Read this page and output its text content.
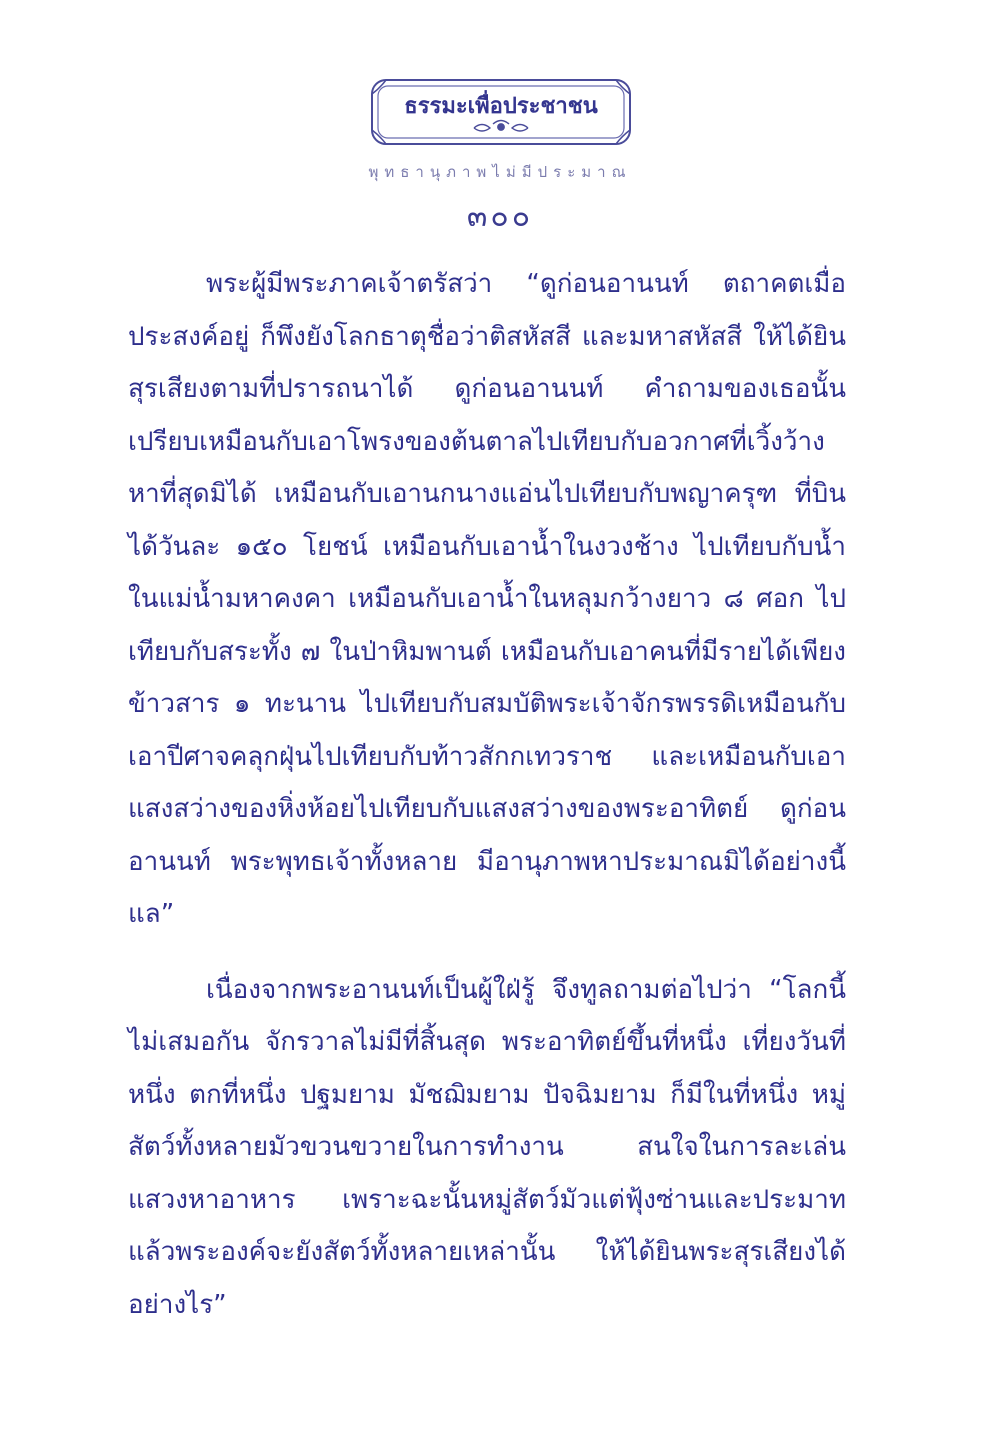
ธรรมะเพื่อประชาชน
พุทธานุภาพไม่มีประมาณ
๓๐๐

พระผู้มีพระภาคเจ้าตรัสว่า “ดูก่อนอานนท์ ตถาคตเมื่อประสงค์อยู่ ก็พึงยังโลกธาตุชื่อว่าติสหัสสี และมหาสหัสสี ให้ได้ยินสุรเสียงตามที่ปรารถนาได้ ดูก่อนอานนท์ คำถามของเธอนั้นเปรียบเหมือนกับเอาโพรงของต้นตาลไปเทียบกับอวกาศที่เวิ้งว้างหาที่สุดมิได้ เหมือนกับเอานกนางแอ่นไปเทียบกับพญาครุฑ ที่บินได้วันละ ๑๕๐ โยชน์ เหมือนกับเอาน้ำในงวงช้าง ไปเทียบกับน้ำในแม่น้ำมหาคงคา เหมือนกับเอาน้ำในหลุมกว้างยาว ๘ ศอก ไปเทียบกับสระทั้ง ๗ ในป่าหิมพานต์ เหมือนกับเอาคนที่มีรายได้เพียงข้าวสาร ๑ ทะนาน ไปเทียบกับสมบัติพระเจ้าจักรพรรดิเหมือนกับเอาปีศาจคลุกฝุ่นไปเทียบกับท้าวสักกเทวราช และเหมือนกับเอาแสงสว่างของหิ่งห้อยไปเทียบกับแสงสว่างของพระอาทิตย์ ดูก่อนอานนท์ พระพุทธเจ้าทั้งหลาย มีอานุภาพหาประมาณมิได้อย่างนี้แล”

เนื่องจากพระอานนท์เป็นผู้ใฝ่รู้ จึงทูลถามต่อไปว่า “โลกนี้ไม่เสมอกัน จักรวาลไม่มีที่สิ้นสุด พระอาทิตย์ขึ้นที่หนึ่ง เที่ยงวันที่หนึ่ง ตกที่หนึ่ง ปฐมยาม มัชฌิมยาม ปัจฉิมยาม ก็มีในที่หนึ่ง หมู่สัตว์ทั้งหลายมัวขวนขวายในการทำงาน สนใจในการละเล่น แสวงหาอาหาร เพราะฉะนั้นหมู่สัตว์มัวแต่ฟุ้งซ่านและประมาท แล้วพระองค์จะยังสัตว์ทั้งหลายเหล่านั้น ให้ได้ยินพระสุรเสียงได้อย่างไร”
